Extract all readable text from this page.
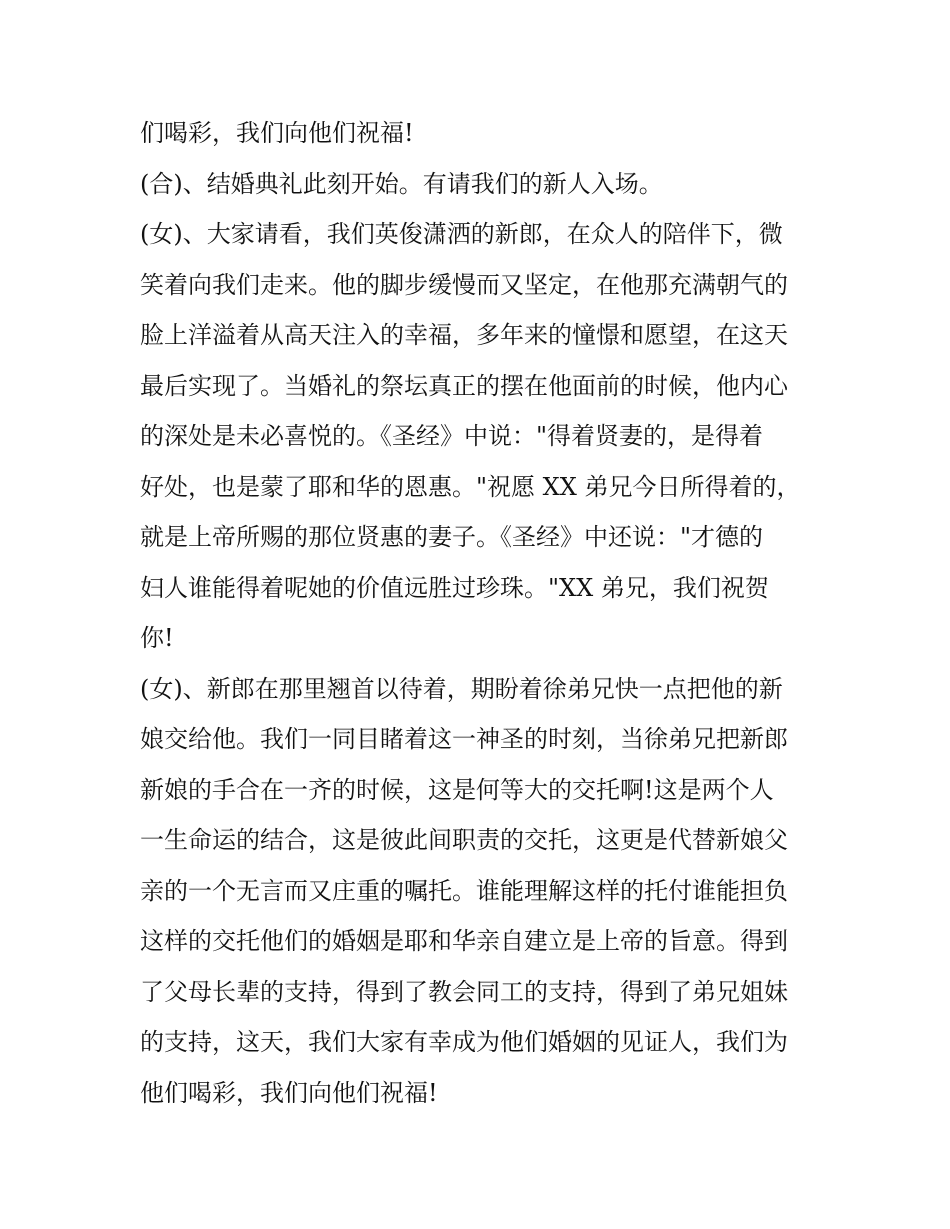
们喝彩，我们向他们祝福!
(合)、结婚典礼此刻开始。有请我们的新人入场。
(女)、大家请看，我们英俊潇洒的新郎，在众人的陪伴下，微
笑着向我们走来。他的脚步缓慢而又坚定，在他那充满朝气的
脸上洋溢着从高天注入的幸福，多年来的憧憬和愿望，在这天
最后实现了。当婚礼的祭坛真正的摆在他面前的时候，他内心
的深处是未必喜悦的。《圣经》中说："得着贤妻的，是得着
好处，也是蒙了耶和华的恩惠。"祝愿 XX 弟兄今日所得着的，
就是上帝所赐的那位贤惠的妻子。《圣经》中还说："才德的
妇人谁能得着呢她的价值远胜过珍珠。"XX 弟兄，我们祝贺
你!
(女)、新郎在那里翘首以待着，期盼着徐弟兄快一点把他的新
娘交给他。我们一同目睹着这一神圣的时刻，当徐弟兄把新郎
新娘的手合在一齐的时候，这是何等大的交托啊!这是两个人
一生命运的结合，这是彼此间职责的交托，这更是代替新娘父
亲的一个无言而又庄重的嘱托。谁能理解这样的托付谁能担负
这样的交托他们的婚姻是耶和华亲自建立是上帝的旨意。得到
了父母长辈的支持，得到了教会同工的支持，得到了弟兄姐妹
的支持，这天，我们大家有幸成为他们婚姻的见证人，我们为
他们喝彩，我们向他们祝福!
